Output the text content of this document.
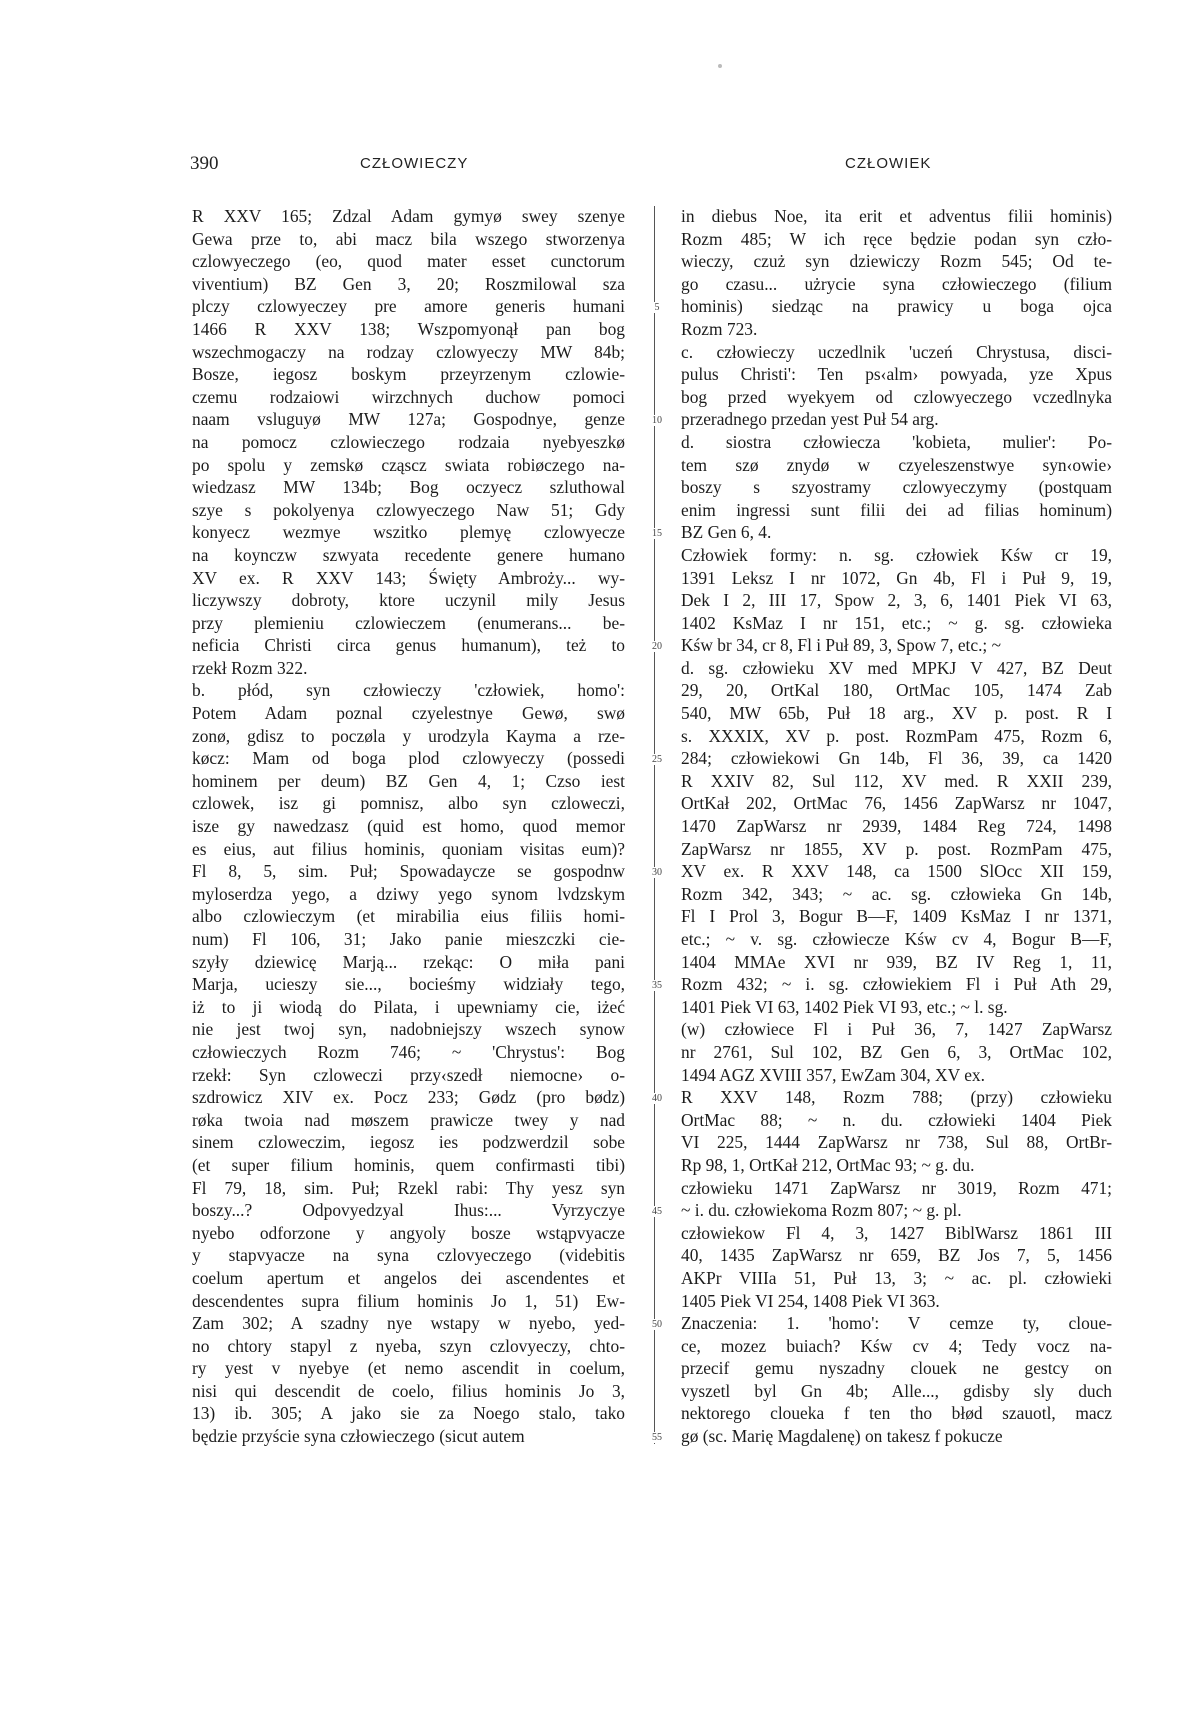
390	CZŁOWIECZY	CZŁOWIEK
R XXV 165; Zdzal Adam gymyø swey szenye
Gewa prze to, abi macz bila wszego stworzenya
czlowyeczego (eo, quod mater esset cunctorum
viventium) BZ Gen 3, 20; Roszmilowal sza
plczy czlowyeczey pre amore generis humani
1466 R XXV 138; Wszpomyonął pan bog
wszechmogaczy na rodzay czlowyeczy MW 84b;
Bosze, iegosz boskym przeyrzenym czlowie-
czemu rodzaiowi wirzchnych duchow pomoci
naam vsluguyø MW 127a; Gospodnye, genze
na pomocz czlowieczego rodzaia nyebyeszkø
po spolu y zemskø cząscz swiata robiøczego na-
wiedzasz MW 134b; Bog oczyecz szluthowal
szye s pokolyenya czlowyeczego Naw 51; Gdy
konyecz wezmye wszitko plemyę czlowyecze
na koynczw szwyata recedente genere humano
XV ex. R XXV 143; Święty Ambroży... wy-
liczywszy dobroty, ktore uczynil mily Jesus
przy plemieniu czlowieczem (enumerans... be-
neficia Christi circa genus humanum), też to
rzekł Rozm 322.
b. płód, syn człowieczy 'człowiek, homo':
Potem Adam poznal czyelestnye Gewø, swø
zonø, gdisz to poczøla y urodzyla Kayma a rze-
køcz: Mam od boga plod czlowyeczy (possedi
hominem per deum) BZ Gen 4, 1; Czso iest
czlowek, isz gi pomnisz, albo syn czloweczi,
isze gy nawedzasz (quid est homo, quod memor
es eius, aut filius hominis, quoniam visitas eum)?
Fl 8, 5, sim. Puł; Spowadaycze se gospodnw
myloserdza yego, a dziwy yego synom lvdzskym
albo czlowieczym (et mirabilia eius filiis homi-
num) Fl 106, 31; Jako panie mieszczki cie-
szyły dziewicę Marją... rzekąc: O miła pani
Marja, ucieszy sie..., bocieśmy widziały tego,
iż to ji wiodą do Pilata, i upewniamy cie, iżeć
nie jest twoj syn, nadobniejszy wszech synow
człowieczych Rozm 746; ~ 'Chrystus': Bog
rzekł: Syn czloweczi przy‹szedł niemocne› o-
szdrowicz XIV ex. Pocz 233; Gødz (pro bødz)
røka twoia nad møszem prawicze twey y nad
sinem czloweczim, iegosz ies podzwerdzil sobe
(et super filium hominis, quem confirmasti tibi)
Fl 79, 18, sim. Puł; Rzekl rabi: Thy yesz syn
boszy...? Odpovyedzyal Ihus:... Vyrzyczye
nyebo odforzone y angyoly bosze wstąpvyacze
y stapvyacze na syna czlovyeczego (videbitis
coelum apertum et angelos dei ascendentes et
descendentes supra filium hominis Jo 1, 51) Ew-
Zam 302; A szadny nye wstapy w nyebo, yed-
no chtory stapyl z nyeba, szyn czlovyeczy, chto-
ry yest v nyebye (et nemo ascendit in coelum,
nisi qui descendit de coelo, filius hominis Jo 3,
13) ib. 305; A jako sie za Noego stalo, tako
będzie przyście syna człowieczego (sicut autem
5
10
15
20
25
30
35
40
45
50
55
in diebus Noe, ita erit et adventus filii hominis)
Rozm 485; W ich ręce będzie podan syn czło-
wieczy, czuż syn dziewiczy Rozm 545; Od te-
go czasu... użrycie syna człowieczego (filium
hominis) siedząc na prawicy u boga ojca
Rozm 723.
c. człowieczy uczedlnik 'uczeń Chrystusa, disci-
pulus Christi': Ten ps‹alm› powyada, yze Xpus
bog przed wyekyem od czlowyeczego vczedlnyka
przeradnego przedan yest Puł 54 arg.
d. siostra człowiecza 'kobieta, mulier': Po-
tem szø znydø w czyeleszenstwye syn‹owie›
boszy s szyostramy czlowyeczymy (postquam
enim ingressi sunt filii dei ad filias hominum)
BZ Gen 6, 4.
Człowiek formy: n. sg. człowiek Kśw cr 19,
1391 Leksz I nr 1072, Gn 4b, Fl i Puł 9, 19,
Dek I 2, III 17, Spow 2, 3, 6, 1401 Piek VI 63,
1402 KsMaz I nr 151, etc.; ~ g. sg. człowieka
Kśw br 34, cr 8, Fl i Puł 89, 3, Spow 7, etc.; ~
d. sg. człowieku XV med MPKJ V 427, BZ Deut
29, 20, OrtKal 180, OrtMac 105, 1474 Zab
540, MW 65b, Puł 18 arg., XV p. post. R I
s. XXXIX, XV p. post. RozmPam 475, Rozm 6,
284; człowiekowi Gn 14b, Fl 36, 39, ca 1420
R XXIV 82, Sul 112, XV med. R XXII 239,
OrtKał 202, OrtMac 76, 1456 ZapWarsz nr 1047,
1470 ZapWarsz nr 2939, 1484 Reg 724, 1498
ZapWarsz nr 1855, XV p. post. RozmPam 475,
XV ex. R XXV 148, ca 1500 SlOcc XII 159,
Rozm 342, 343; ~ ac. sg. człowieka Gn 14b,
Fl I Prol 3, Bogur B—F, 1409 KsMaz I nr 1371,
etc.; ~ v. sg. człowiecze Kśw cv 4, Bogur B—F,
1404 MMAe XVI nr 939, BZ IV Reg 1, 11,
Rozm 432; ~ i. sg. człowiekiem Fl i Puł Ath 29,
1401 Piek VI 63, 1402 Piek VI 93, etc.; ~ l. sg.
(w) człowiece Fl i Puł 36, 7, 1427 ZapWarsz
nr 2761, Sul 102, BZ Gen 6, 3, OrtMac 102,
1494 AGZ XVIII 357, EwZam 304, XV ex.
R XXV 148, Rozm 788; (przy) człowieku
OrtMac 88; ~ n. du. człowieki 1404 Piek
VI 225, 1444 ZapWarsz nr 738, Sul 88, OrtBr-
Rp 98, 1, OrtKał 212, OrtMac 93; ~ g. du.
człowieku 1471 ZapWarsz nr 3019, Rozm 471;
~ i. du. człowiekoma Rozm 807; ~ g. pl.
człowiekow Fl 4, 3, 1427 BiblWarsz 1861 III
40, 1435 ZapWarsz nr 659, BZ Jos 7, 5, 1456
AKPr VIIIa 51, Puł 13, 3; ~ ac. pl. człowieki
1405 Piek VI 254, 1408 Piek VI 363.
Znaczenia: 1. 'homo': V cemze ty, cloue-
ce, mozez buiach? Kśw cv 4; Tedy vocz na-
przecif gemu nyszadny clouek ne gestcy on
vyszetl byl Gn 4b; Alle..., gdisby sly duch
nektorego cloueka f ten tho błød szauotl, macz
gø (sc. Marię Magdalenę) on takesz f pokucze
